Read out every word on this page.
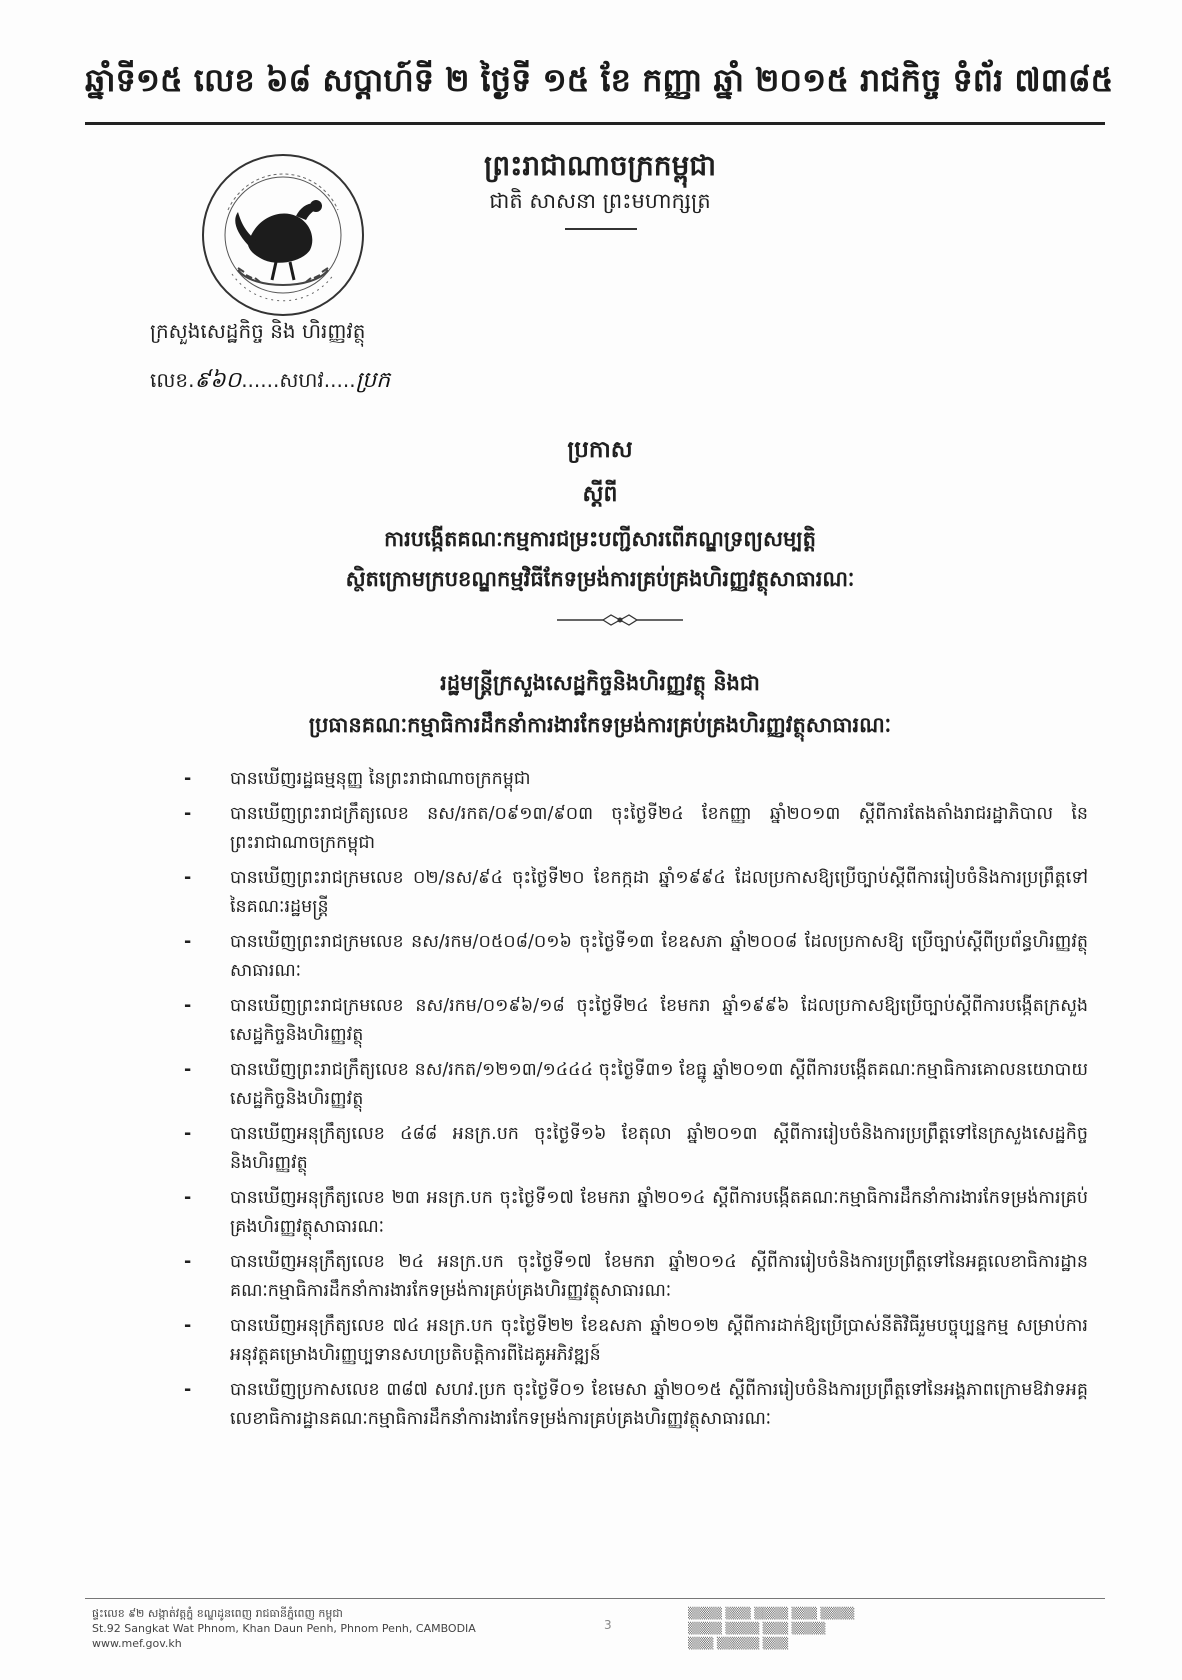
ឆ្នាំទី១៥ លេខ ៦៨ សប្តាហ៍ទី ២ ថ្ងៃទី ១៥ ខែ កញ្ញា ឆ្នាំ ២០១៥ រាជកិច្ច ទំព័រ ៧៣៨៥
ព្រះរាជាណាចក្រកម្ពុជា
ជាតិ សាសនា ព្រះមហាក្សត្រ
ក្រសួងសេដ្ឋកិច្ច និង ហិរញ្ញវត្ថុ
លេខ.៩៦០......សហវ.....ប្រក
ប្រកាស
ស្តីពី
ការបង្កើតគណៈកម្មការជម្រះបញ្ជីសារពើភណ្ឌទ្រព្យសម្បត្តិ
ស្ថិតក្រោមក្របខណ្ឌកម្មវិធីកែទម្រង់ការគ្រប់គ្រងហិរញ្ញវត្ថុសាធារណៈ
រដ្ឋមន្ត្រីក្រសួងសេដ្ឋកិច្ចនិងហិរញ្ញវត្ថុ និងជា
ប្រធានគណៈកម្មាធិការដឹកនាំការងារកែទម្រង់ការគ្រប់គ្រងហិរញ្ញវត្ថុសាធារណៈ
- បានឃើញរដ្ឋធម្មនុញ្ញ នៃព្រះរាជាណាចក្រកម្ពុជា
- បានឃើញព្រះរាជក្រឹត្យលេខ នស/រកត/០៩១៣/៩០៣ ចុះថ្ងៃទី២៤ ខែកញ្ញា ឆ្នាំ២០១៣ ស្តីពីការតែងតាំងរាជរដ្ឋាភិបាល នៃព្រះរាជាណាចក្រកម្ពុជា
- បានឃើញព្រះរាជក្រមលេខ ០២/នស/៩៤ ចុះថ្ងៃទី២០ ខែកក្កដា ឆ្នាំ១៩៩៤ ដែលប្រកាសឱ្យប្រើច្បាប់ស្តីពីការរៀបចំនិងការប្រព្រឹត្តទៅ នៃគណៈរដ្ឋមន្ត្រី
- បានឃើញព្រះរាជក្រមលេខ នស/រកម/០៥០៨/០១៦ ចុះថ្ងៃទី១៣ ខែឧសភា ឆ្នាំ២០០៨ ដែលប្រកាសឱ្យ ប្រើច្បាប់ស្តីពីប្រព័ន្ធហិរញ្ញវត្ថុសាធារណៈ
- បានឃើញព្រះរាជក្រមលេខ នស/រកម/០១៩៦/១៨ ចុះថ្ងៃទី២៤ ខែមករា ឆ្នាំ១៩៩៦ ដែលប្រកាសឱ្យប្រើច្បាប់ស្តីពីការបង្កើតក្រសួងសេដ្ឋកិច្ចនិងហិរញ្ញវត្ថុ
- បានឃើញព្រះរាជក្រឹត្យលេខ នស/រកត/១២១៣/១៤៤៤ ចុះថ្ងៃទី៣១ ខែធ្នូ ឆ្នាំ២០១៣ ស្តីពីការបង្កើតគណៈកម្មាធិការគោលនយោបាយសេដ្ឋកិច្ចនិងហិរញ្ញវត្ថុ
- បានឃើញអនុក្រឹត្យលេខ ៤៨៨ អនក្រ.បក ចុះថ្ងៃទី១៦ ខែតុលា ឆ្នាំ២០១៣ ស្តីពីការរៀបចំនិងការប្រព្រឹត្តទៅនៃក្រសួងសេដ្ឋកិច្ចនិងហិរញ្ញវត្ថុ
- បានឃើញអនុក្រឹត្យលេខ ២៣ អនក្រ.បក ចុះថ្ងៃទី១៧ ខែមករា ឆ្នាំ២០១៤ ស្តីពីការបង្កើតគណៈកម្មាធិការដឹកនាំការងារកែទម្រង់ការគ្រប់គ្រងហិរញ្ញវត្ថុសាធារណៈ
- បានឃើញអនុក្រឹត្យលេខ ២៤ អនក្រ.បក ចុះថ្ងៃទី១៧ ខែមករា ឆ្នាំ២០១៤ ស្តីពីការរៀបចំនិងការប្រព្រឹត្តទៅនៃអគ្គលេខាធិការដ្ឋានគណៈកម្មាធិការដឹកនាំការងារកែទម្រង់ការគ្រប់គ្រងហិរញ្ញវត្ថុសាធារណៈ
- បានឃើញអនុក្រឹត្យលេខ ៧៤ អនក្រ.បក ចុះថ្ងៃទី២២ ខែឧសភា ឆ្នាំ២០១២ ស្តីពីការដាក់ឱ្យប្រើប្រាស់នីតិវិធីរួមបច្ចុប្បន្នកម្ម សម្រាប់ការអនុវត្តគម្រោងហិរញ្ញប្បទានសហប្រតិបត្តិការពីដៃគូអភិវឌ្ឍន៍
- បានឃើញប្រកាសលេខ ៣៨៧ សហវ.ប្រក ចុះថ្ងៃទី០១ ខែមេសា ឆ្នាំ២០១៥ ស្តីពីការរៀបចំនិងការប្រព្រឹត្តទៅនៃអង្គភាពក្រោមឱវាទអគ្គលេខាធិការដ្ឋានគណៈកម្មាធិការដឹកនាំការងារកែទម្រង់ការគ្រប់គ្រងហិរញ្ញវត្ថុសាធារណៈ
ផ្ទះលេខ ៩២ សង្កាត់វត្តភ្នំ ខណ្ឌដូនពេញ រាជធានីភ្នំពេញ កម្ពុជា
St.92 Sangkat Wat Phnom, Khan Daun Penh, Phnom Penh, CAMBODIA
www.mef.gov.kh
3
▒▒▒▒ ▒▒▒ ▒▒▒▒ ▒▒▒ ▒▒▒▒
▒▒▒▒ ▒▒▒▒ ▒▒▒ ▒▒▒▒
▒▒▒ ▒▒▒▒▒ ▒▒▒
